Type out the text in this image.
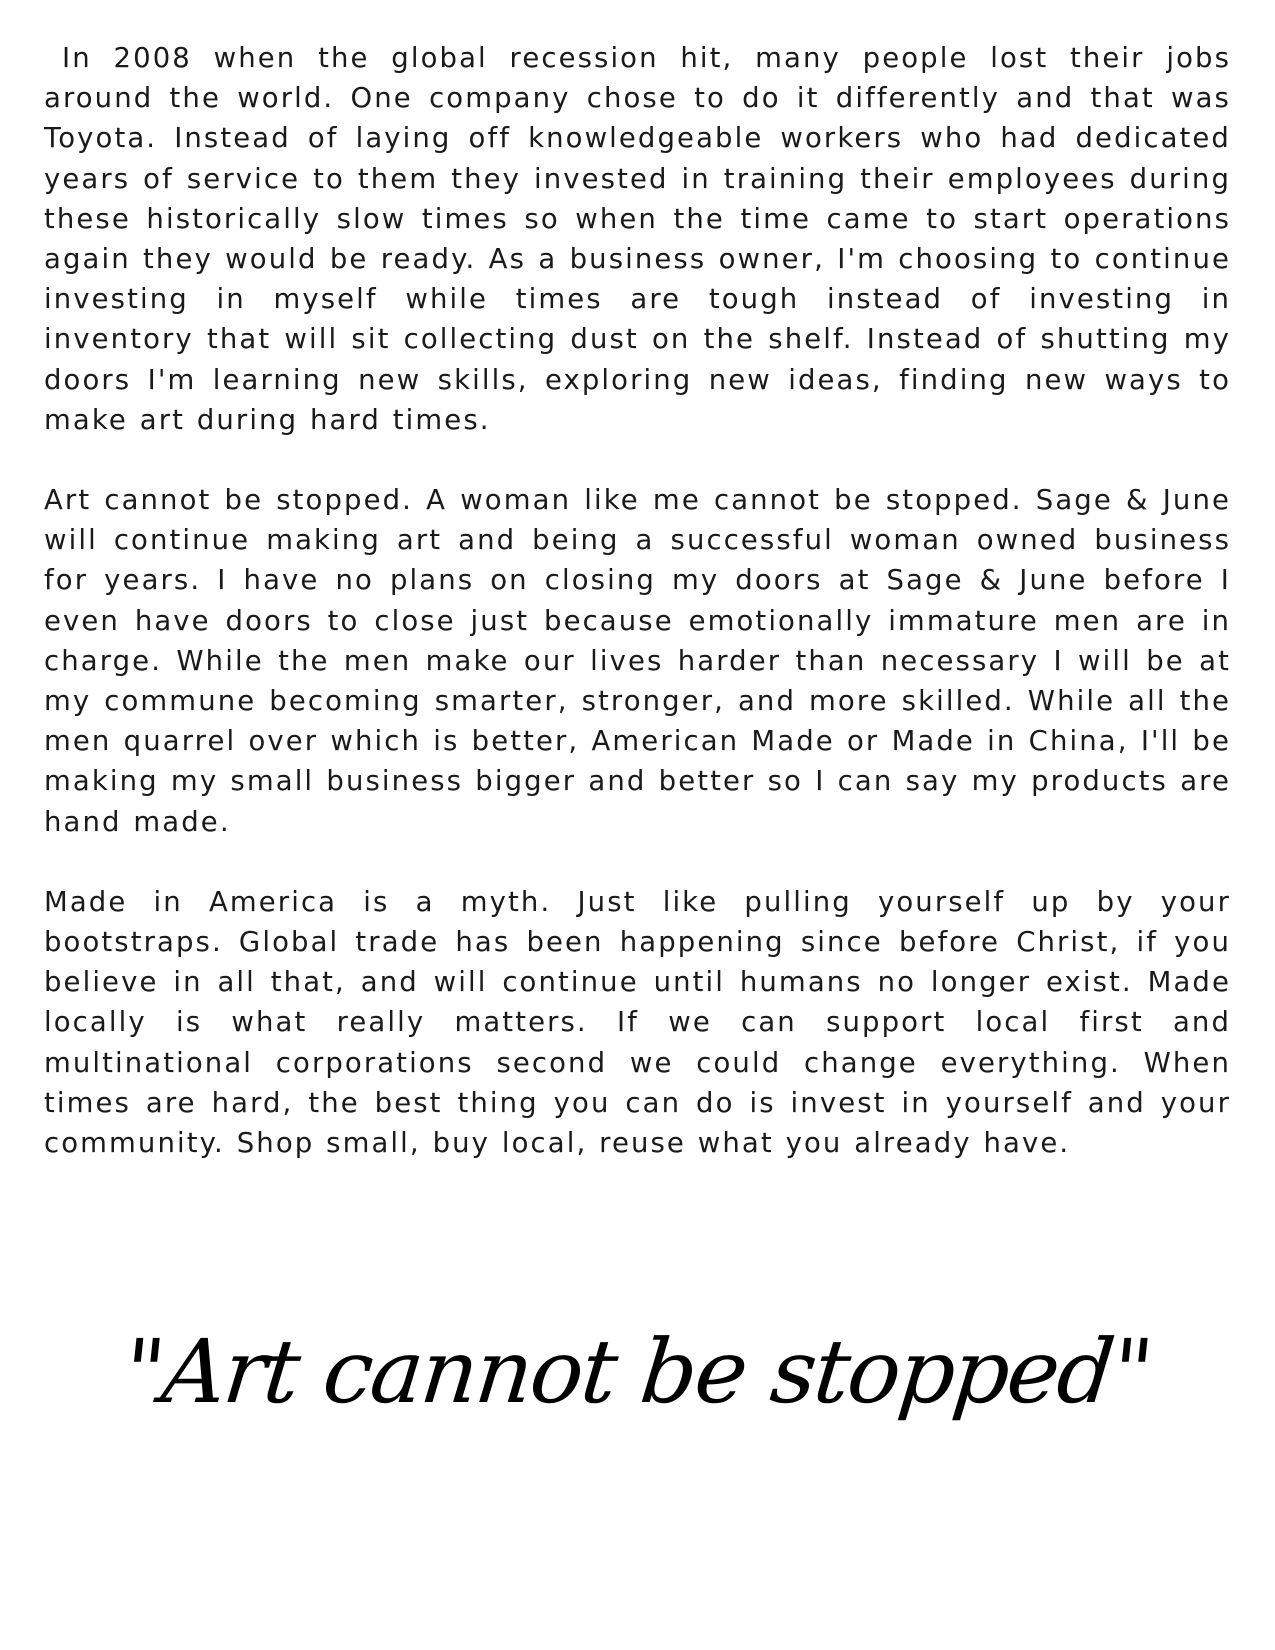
In 2008 when the global recession hit, many people lost their jobs around the world. One company chose to do it differently and that was Toyota. Instead of laying off knowledgeable workers who had dedicated years of service to them they invested in training their employees during these historically slow times so when the time came to start operations again they would be ready. As a business owner, I'm choosing to continue investing in myself while times are tough instead of investing in inventory that will sit collecting dust on the shelf. Instead of shutting my doors I'm learning new skills, exploring new ideas, finding new ways to make art during hard times.

Art cannot be stopped. A woman like me cannot be stopped. Sage & June will continue making art and being a successful woman owned business for years. I have no plans on closing my doors at Sage & June before I even have doors to close just because emotionally immature men are in charge. While the men make our lives harder than necessary I will be at my commune becoming smarter, stronger, and more skilled. While all the men quarrel over which is better, American Made or Made in China, I'll be making my small business bigger and better so I can say my products are hand made.

Made in America is a myth. Just like pulling yourself up by your bootstraps. Global trade has been happening since before Christ, if you believe in all that, and will continue until humans no longer exist. Made locally is what really matters. If we can support local first and multinational corporations second we could change everything. When times are hard, the best thing you can do is invest in yourself and your community. Shop small, buy local, reuse what you already have.

"Art cannot be stopped"
